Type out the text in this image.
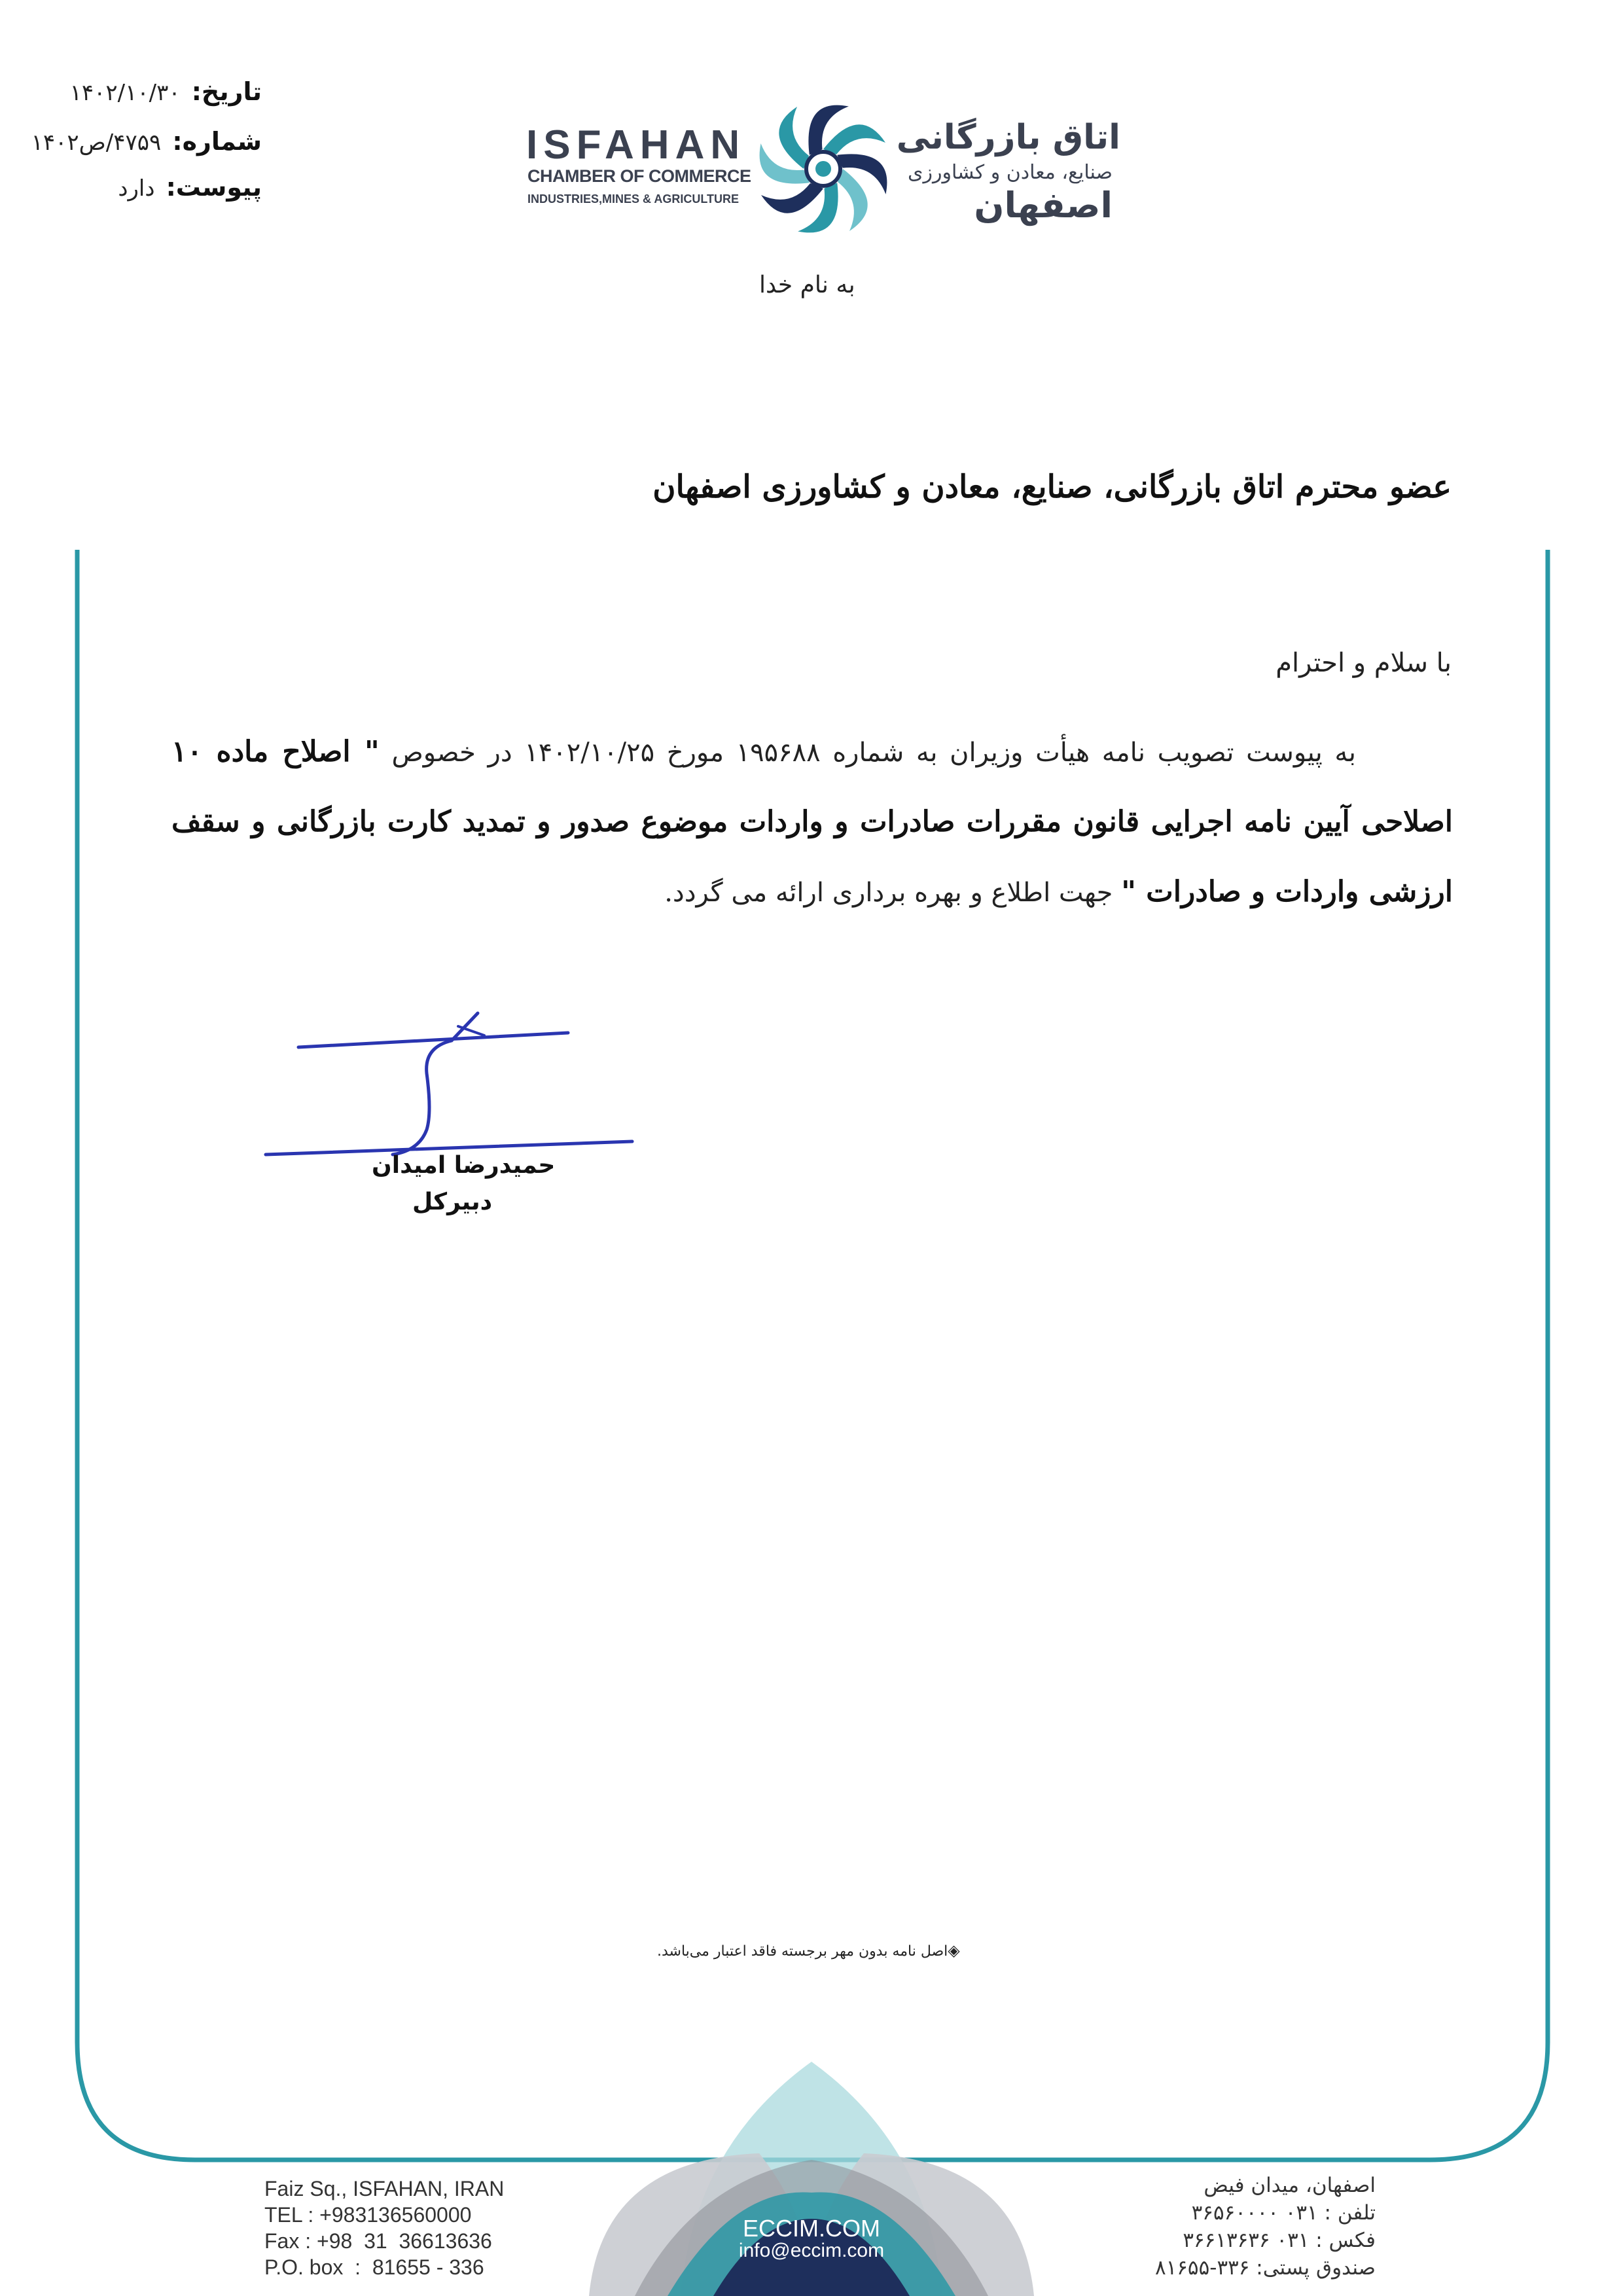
تاریخ: ۱۴۰۲/۱۰/۳۰
شماره: ۴۷۵۹/ص۱۴۰۲
پیوست: دارد
ISFAHAN
CHAMBER OF COMMERCE
INDUSTRIES,MINES & AGRICULTURE
اتاق بازرگانی
صنایع، معادن و کشاورزی
اصفهان
به نام خدا
عضو محترم اتاق بازرگانی، صنایع، معادن و کشاورزی اصفهان
با سلام و احترام
به پیوست تصویب نامه هیأت وزیران به شماره ۱۹۵۶۸۸ مورخ ۱۴۰۲/۱۰/۲۵ در خصوص " اصلاح ماده ۱۰ اصلاحی آیین نامه اجرایی قانون مقررات صادرات و واردات موضوع صدور و تمدید کارت بازرگانی و سقف ارزشی واردات و صادرات " جهت اطلاع و بهره برداری ارائه می گردد.
حمیدرضا امیدان
دبیرکل
◈اصل نامه بدون مهر برجسته فاقد اعتبار می‌باشد.
ECCIM.COM
info@eccim.com
Faiz Sq., ISFAHAN, IRAN
TEL : +983136560000
Fax : +98  31  36613636
P.O. box  :  81655 - 336
اصفهان، میدان فیض
تلفن : ۰۳۱ ۳۶۵۶۰۰۰۰
فکس : ۰۳۱ ۳۶۶۱۳۶۳۶
صندوق پستی: ۳۳۶-۸۱۶۵۵
